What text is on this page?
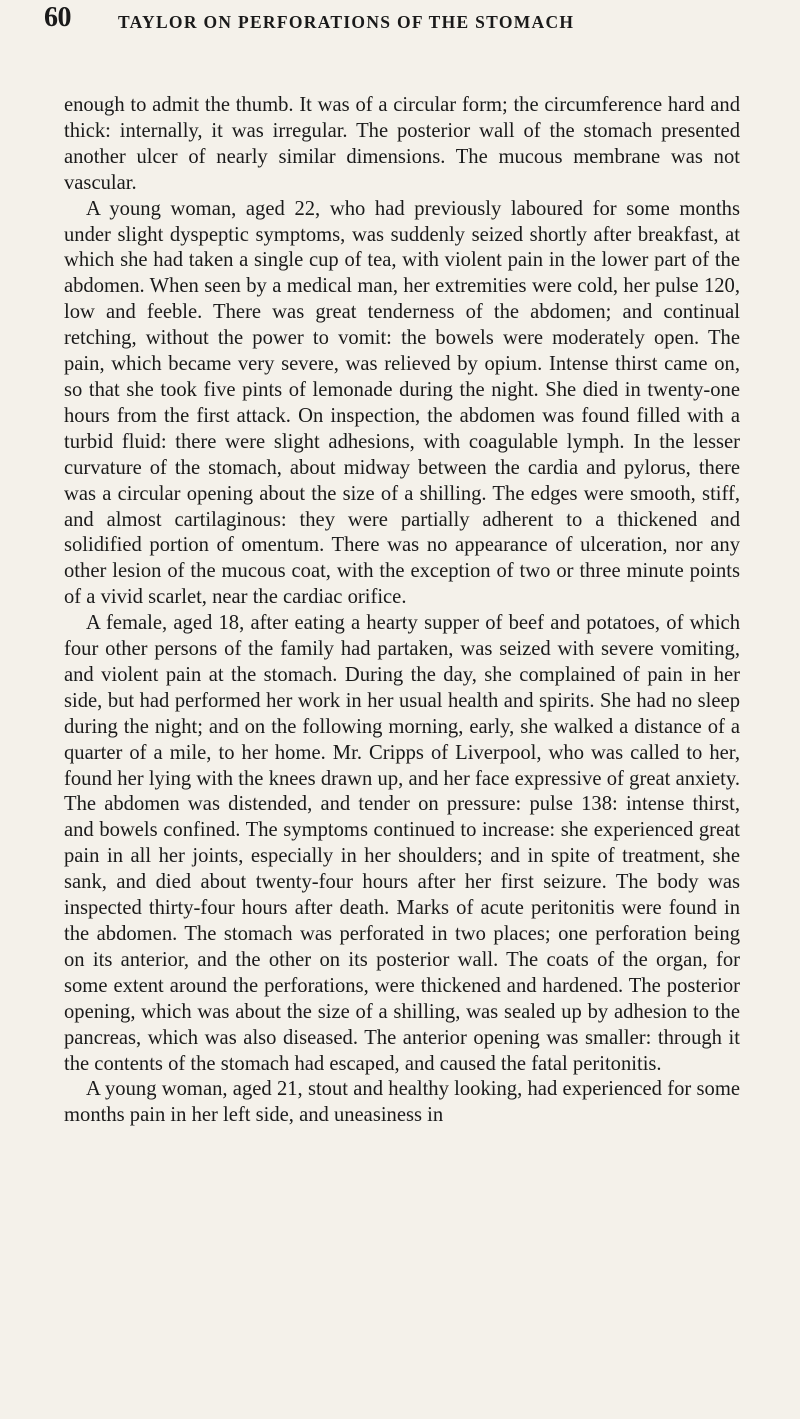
60	TAYLOR ON PERFORATIONS OF THE STOMACH

enough to admit the thumb. It was of a circular form; the circumference hard and thick: internally, it was irregular. The posterior wall of the stomach presented another ulcer of nearly similar dimensions. The mucous membrane was not vascular.

A young woman, aged 22, who had previously laboured for some months under slight dyspeptic symptoms, was suddenly seized shortly after breakfast, at which she had taken a single cup of tea, with violent pain in the lower part of the abdomen. When seen by a medical man, her extremities were cold, her pulse 120, low and feeble. There was great tenderness of the abdomen; and continual retching, without the power to vomit: the bowels were moderately open. The pain, which became very severe, was relieved by opium. Intense thirst came on, so that she took five pints of lemonade during the night. She died in twenty-one hours from the first attack. On inspection, the abdomen was found filled with a turbid fluid: there were slight adhesions, with coagulable lymph. In the lesser curvature of the stomach, about midway between the cardia and pylorus, there was a circular opening about the size of a shilling. The edges were smooth, stiff, and almost cartilaginous: they were partially adherent to a thickened and solidified portion of omentum. There was no appearance of ulceration, nor any other lesion of the mucous coat, with the exception of two or three minute points of a vivid scarlet, near the cardiac orifice.

A female, aged 18, after eating a hearty supper of beef and potatoes, of which four other persons of the family had partaken, was seized with severe vomiting, and violent pain at the stomach. During the day, she complained of pain in her side, but had performed her work in her usual health and spirits. She had no sleep during the night; and on the following morning, early, she walked a distance of a quarter of a mile, to her home. Mr. Cripps of Liverpool, who was called to her, found her lying with the knees drawn up, and her face expressive of great anxiety. The abdomen was distended, and tender on pressure: pulse 138: intense thirst, and bowels confined. The symptoms continued to increase: she experienced great pain in all her joints, especially in her shoulders; and in spite of treatment, she sank, and died about twenty-four hours after her first seizure. The body was inspected thirty-four hours after death. Marks of acute peritonitis were found in the abdomen. The stomach was perforated in two places; one perforation being on its anterior, and the other on its posterior wall. The coats of the organ, for some extent around the perforations, were thickened and hardened. The posterior opening, which was about the size of a shilling, was sealed up by adhesion to the pancreas, which was also diseased. The anterior opening was smaller: through it the contents of the stomach had escaped, and caused the fatal peritonitis.

A young woman, aged 21, stout and healthy looking, had experienced for some months pain in her left side, and uneasiness in
